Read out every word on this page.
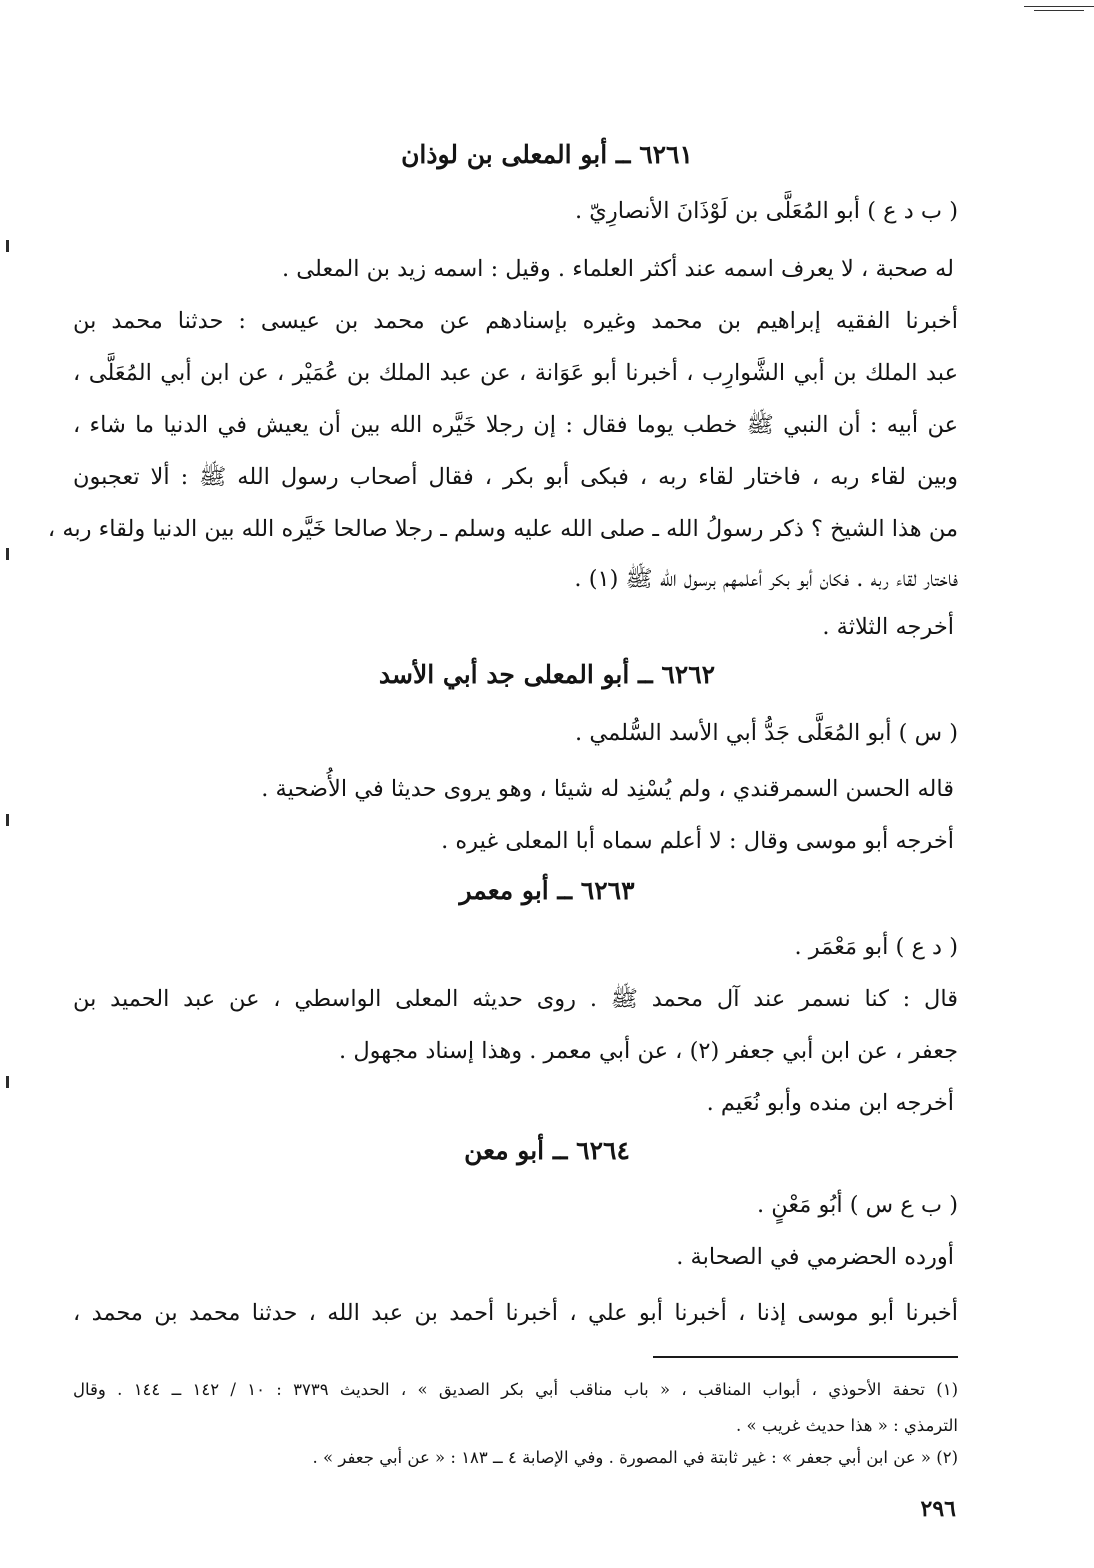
٦٢٦١ ــ أبو المعلى بن لوذان
( ب د ع ) أبو المُعَلَّى بن لَوْذَانَ الأنصارِيّ .
له صحبة ، لا يعرف اسمه عند أكثر العلماء . وقيل : اسمه زيد بن المعلى .
أخبرنا الفقيه إبراهيم بن محمد وغيره بإسنادهم عن محمد بن عيسى : حدثنا محمد بن
عبد الملك بن أبي الشَّوارِب ، أخبرنا أبو عَوَانة ، عن عبد الملك بن عُمَيْر ، عن ابن أبي المُعَلَّى ،
عن أبيه : أن النبي ﷺ خطب يوما فقال : إن رجلا خَيَّره الله بين أن يعيش في الدنيا ما شاء ،
وبين لقاء ربه ، فاختار لقاء ربه ، فبكى أبو بكر ، فقال أصحاب رسول الله ﷺ : ألا تعجبون
من هذا الشيخ ؟ ذكر رسولُ الله ـ صلى الله عليه وسلم ـ رجلا صالحا خَيَّره الله بين الدنيا ولقاء ربه ،
فاختار لقاء ربه . فكان أبو بكر أعلمهم برسول الله ﷺ (١) .
أخرجه الثلاثة .
٦٢٦٢ ــ أبو المعلى جد أبي الأسد
( س ) أبو المُعَلَّى جَدُّ أبي الأسد السُّلمي .
قاله الحسن السمرقندي ، ولم يُسْنِد له شيئا ، وهو يروى حديثا في الأُضحية .
أخرجه أبو موسى وقال : لا أعلم سماه أبا المعلى غيره .
٦٢٦٣ ــ أبو معمر
( د ع ) أبو مَعْمَر .
قال : كنا نسمر عند آل محمد ﷺ . روى حديثه المعلى الواسطي ، عن عبد الحميد بن
جعفر ، عن ابن أبي جعفر (٢) ، عن أبي معمر . وهذا إسناد مجهول .
أخرجه ابن منده وأبو نُعَيم .
٦٢٦٤ ــ أبو معن
( ب ع س ) أبُو مَعْنٍ .
أورده الحضرمي في الصحابة .
أخبرنا أبو موسى إذنا ، أخبرنا أبو علي ، أخبرنا أحمد بن عبد الله ، حدثنا محمد بن محمد ،
(١) تحفة الأحوذي ، أبواب المناقب ، « باب مناقب أبي بكر الصديق » ، الحديث ٣٧٣٩ : ١٠ / ١٤٢ ــ ١٤٤ . وقال
الترمذي : « هذا حديث غريب » .
(٢) « عن ابن أبي جعفر » : غير ثابتة في المصورة . وفي الإصابة ٤ ــ ١٨٣ : « عن أبي جعفر » .
٢٩٦
